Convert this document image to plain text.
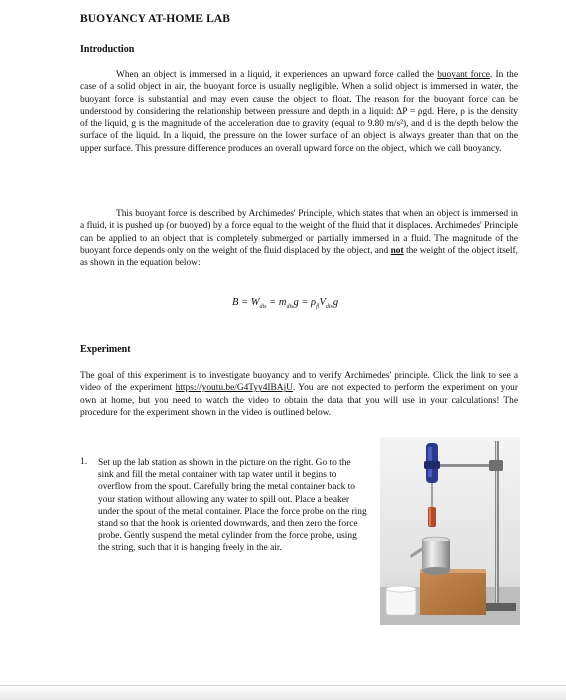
BUOYANCY AT-HOME LAB
Introduction

When an object is immersed in a liquid, it experiences an upward force called the buoyant force. In the case of a solid object in air, the buoyant force is usually negligible. When a solid object is immersed in water, the buoyant force is substantial and may even cause the object to float. The reason for the buoyant force can be understood by considering the relationship between pressure and depth in a liquid: ΔP = ρgd. Here, ρ is the density of the liquid, g is the magnitude of the acceleration due to gravity (equal to 9.80 m/s²), and d is the depth below the surface of the liquid. In a liquid, the pressure on the lower surface of an object is always greater than that on the upper surface. This pressure difference produces an overall upward force on the object, which we call buoyancy.

This buoyant force is described by Archimedes' Principle, which states that when an object is immersed in a fluid, it is pushed up (or buoyed) by a force equal to the weight of the fluid that it displaces. Archimedes' Principle can be applied to an object that is completely submerged or partially immersed in a fluid. The magnitude of the buoyant force depends only on the weight of the fluid displaced by the object, and not the weight of the object itself, as shown in the equation below:

$B = W_{dis} = m_{dis}g = \rho_{fl}V_{dis}g$
Experiment

The goal of this experiment is to investigate buoyancy and to verify Archimedes' principle. Click the link to see a video of the experiment https://youtu.be/G4Tyy4IBAjU. You are not expected to perform the experiment on your own at home, but you need to watch the video to obtain the data that you will use in your calculations! The procedure for the experiment shown in the video is outlined below.

1. Set up the lab station as shown in the picture on the right. Go to the sink and fill the metal container with tap water until it begins to overflow from the spout. Carefully bring the metal container back to your station without allowing any water to spill out. Place a beaker under the spout of the metal container. Place the force probe on the ring stand so that the hook is oriented downwards, and then zero the force probe. Gently suspend the metal cylinder from the force probe, using the string, such that it is hanging freely in the air.
